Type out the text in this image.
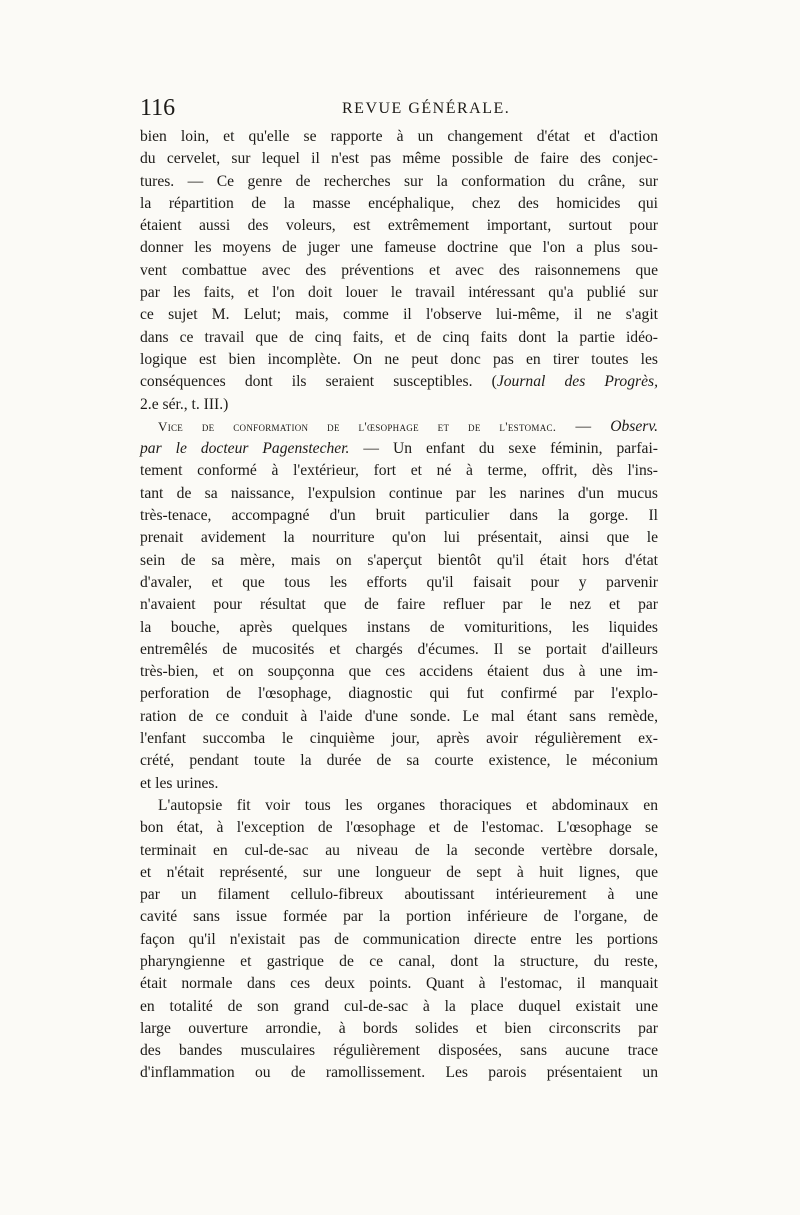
116	REVUE GÉNÉRALE.
bien loin, et qu'elle se rapporte à un changement d'état et d'action
du cervelet, sur lequel il n'est pas même possible de faire des conjec-
tures. — Ce genre de recherches sur la conformation du crâne, sur
la répartition de la masse encéphalique, chez des homicides qui
étaient aussi des voleurs, est extrêmement important, surtout pour
donner les moyens de juger une fameuse doctrine que l'on a plus sou-
vent combattue avec des préventions et avec des raisonnemens que
par les faits, et l'on doit louer le travail intéressant qu'a publié sur
ce sujet M. Lelut; mais, comme il l'observe lui-même, il ne s'agit
dans ce travail que de cinq faits, et de cinq faits dont la partie idéo-
logique est bien incomplète. On ne peut donc pas en tirer toutes les
conséquences dont ils seraient susceptibles. (Journal des Progrès,
2.e sér., t. III.)
Vice de conformation de l'œsophage et de l'estomac. — Observ.
par le docteur Pagenstecher. — Un enfant du sexe féminin, parfai-
tement conformé à l'extérieur, fort et né à terme, offrit, dès l'ins-
tant de sa naissance, l'expulsion continue par les narines d'un mucus
très-tenace, accompagné d'un bruit particulier dans la gorge. Il
prenait avidement la nourriture qu'on lui présentait, ainsi que le
sein de sa mère, mais on s'aperçut bientôt qu'il était hors d'état
d'avaler, et que tous les efforts qu'il faisait pour y parvenir
n'avaient pour résultat que de faire refluer par le nez et par
la bouche, après quelques instans de vomituritions, les liquides
entremêlés de mucosités et chargés d'écumes. Il se portait d'ailleurs
très-bien, et on soupçonna que ces accidens étaient dus à une im-
perforation de l'œsophage, diagnostic qui fut confirmé par l'explo-
ration de ce conduit à l'aide d'une sonde. Le mal étant sans remède,
l'enfant succomba le cinquième jour, après avoir régulièrement ex-
crété, pendant toute la durée de sa courte existence, le méconium
et les urines.
L'autopsie fit voir tous les organes thoraciques et abdominaux en
bon état, à l'exception de l'œsophage et de l'estomac. L'œsophage se
terminait en cul-de-sac au niveau de la seconde vertèbre dorsale,
et n'était représenté, sur une longueur de sept à huit lignes, que
par un filament cellulo-fibreux aboutissant intérieurement à une
cavité sans issue formée par la portion inférieure de l'organe, de
façon qu'il n'existait pas de communication directe entre les portions
pharyngienne et gastrique de ce canal, dont la structure, du reste,
était normale dans ces deux points. Quant à l'estomac, il manquait
en totalité de son grand cul-de-sac à la place duquel existait une
large ouverture arrondie, à bords solides et bien circonscrits par
des bandes musculaires régulièrement disposées, sans aucune trace
d'inflammation ou de ramollissement. Les parois présentaient un
